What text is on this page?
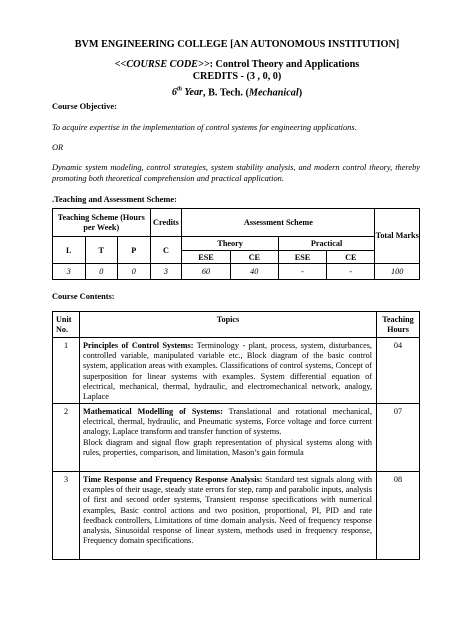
BVM ENGINEERING COLLEGE [AN AUTONOMOUS INSTITUTION]
<<COURSE CODE>>: Control Theory and Applications
CREDITS - (3 , 0, 0)
6th Year, B. Tech. (Mechanical)
Course Objective:
To acquire expertise in the implementation of control systems for engineering applications.
OR
Dynamic system modeling, control strategies, system stability analysis, and modern control theory, thereby promoting both theoretical comprehension and practical application.
.Teaching and Assessment Scheme:
Teaching Scheme (Hours per Week)			Credits	Assessment Scheme				Total Marks
L	T	P	C	Theory		Practical		
				ESE	CE	ESE	CE	
3	0	0	3	60	40	-	-	100
Course Contents:
Unit No.	Topics	Teaching Hours
1	Principles of Control Systems: Terminology - plant, process, system, disturbances, controlled variable, manipulated variable etc., Block diagram of the basic control system, application areas with examples. Classifications of control systems, Concept of superposition for linear systems with examples. System differential equation of electrical, mechanical, thermal, hydraulic, and electromechanical network, analogy, Laplace	04
2	Mathematical Modelling of Systems: Translational and rotational mechanical, electrical, thermal, hydraulic, and Pneumatic systems, Force voltage and force current analogy, Laplace transform and transfer function of systems.
Block diagram and signal flow graph representation of physical systems along with rules, properties, comparison, and limitation, Mason’s gain formula	07
3	Time Response and Frequency Response Analysis: Standard test signals along with examples of their usage, steady state errors for step, ramp and parabolic inputs, analysis of first and second order systems, Transient response specifications with numerical examples, Basic control actions and two position, proportional, PI, PID and rate feedback controllers, Limitations of time domain analysis. Need of frequency response analysis, Sinusoidal response of linear system, methods used in frequency response, Frequency domain specifications.	08
